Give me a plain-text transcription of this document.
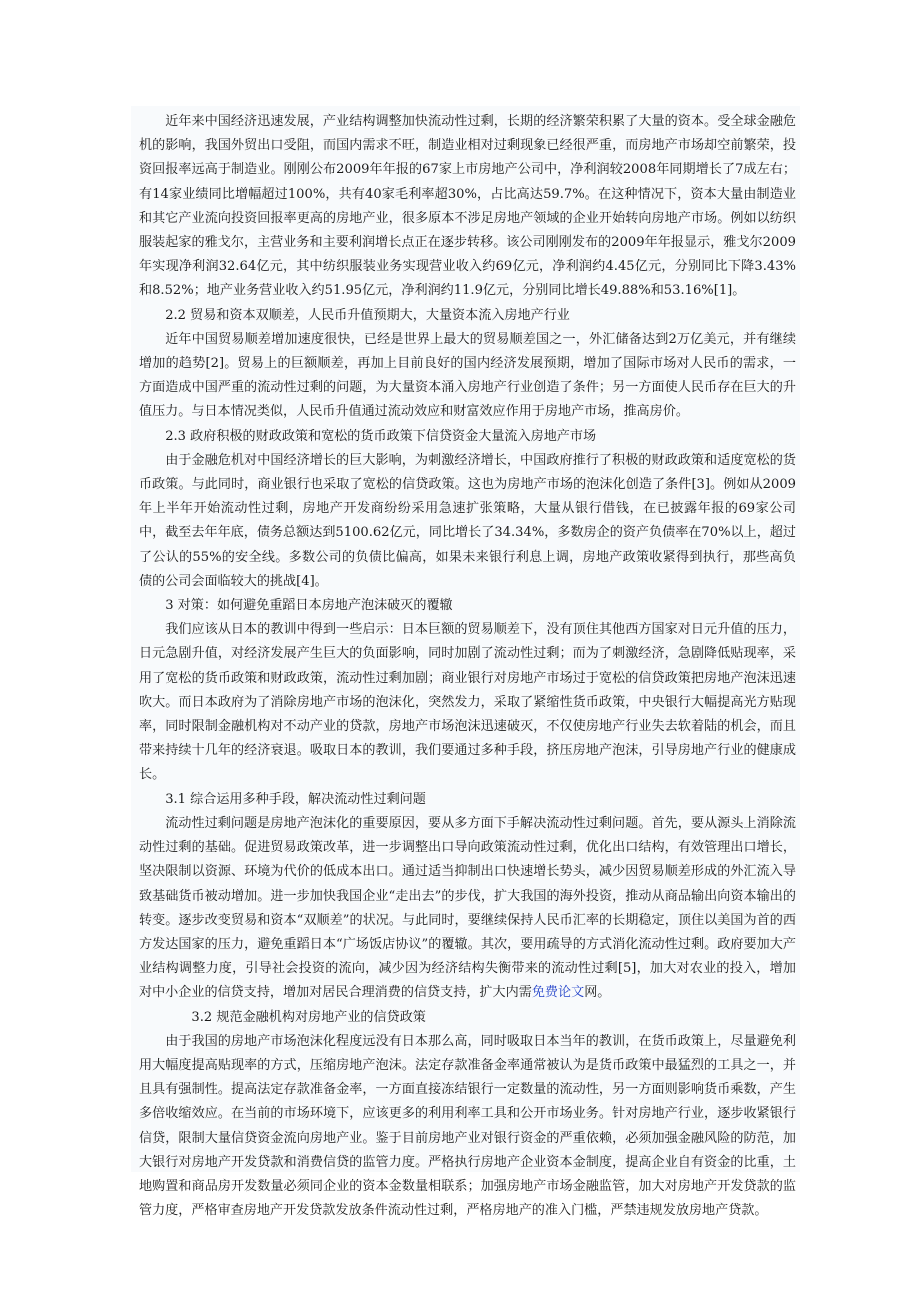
近年来中国经济迅速发展，产业结构调整加快流动性过剩，长期的经济繁荣积累了大量的资本。受全球金融危机的影响，我国外贸出口受阻，而国内需求不旺，制造业相对过剩现象已经很严重，而房地产市场却空前繁荣，投资回报率远高于制造业。刚刚公布2009年年报的67家上市房地产公司中，净利润较2008年同期增长了7成左右；有14家业绩同比增幅超过100%，共有40家毛利率超30%，占比高达59.7%。在这种情况下，资本大量由制造业和其它产业流向投资回报率更高的房地产业，很多原本不涉足房地产领域的企业开始转向房地产市场。例如以纺织服装起家的雅戈尔，主营业务和主要利润增长点正在逐步转移。该公司刚刚发布的2009年年报显示，雅戈尔2009年实现净利润32.64亿元，其中纺织服装业务实现营业收入约69亿元，净利润约4.45亿元，分别同比下降3.43%和8.52%；地产业务营业收入约51.95亿元，净利润约11.9亿元，分别同比增长49.88%和53.16%[1]。

2.2 贸易和资本双顺差，人民币升值预期大，大量资本流入房地产行业

近年中国贸易顺差增加速度很快，已经是世界上最大的贸易顺差国之一，外汇储备达到2万亿美元，并有继续增加的趋势[2]。贸易上的巨额顺差，再加上目前良好的国内经济发展预期，增加了国际市场对人民币的需求，一方面造成中国严重的流动性过剩的问题，为大量资本涌入房地产行业创造了条件；另一方面使人民币存在巨大的升值压力。与日本情况类似，人民币升值通过流动效应和财富效应作用于房地产市场，推高房价。

2.3 政府积极的财政政策和宽松的货币政策下信贷资金大量流入房地产市场

由于金融危机对中国经济增长的巨大影响，为刺激经济增长，中国政府推行了积极的财政政策和适度宽松的货币政策。与此同时，商业银行也采取了宽松的信贷政策。这也为房地产市场的泡沫化创造了条件[3]。例如从2009年上半年开始流动性过剩，房地产开发商纷纷采用急速扩张策略，大量从银行借钱，在已披露年报的69家公司中，截至去年年底，债务总额达到5100.62亿元，同比增长了34.34%，多数房企的资产负债率在70%以上，超过了公认的55%的安全线。多数公司的负债比偏高，如果未来银行利息上调，房地产政策收紧得到执行，那些高负债的公司会面临较大的挑战[4]。

3 对策：如何避免重蹈日本房地产泡沫破灭的覆辙

我们应该从日本的教训中得到一些启示：日本巨额的贸易顺差下，没有顶住其他西方国家对日元升值的压力，日元急剧升值，对经济发展产生巨大的负面影响，同时加剧了流动性过剩；而为了刺激经济，急剧降低贴现率，采用了宽松的货币政策和财政政策，流动性过剩加剧；商业银行对房地产市场过于宽松的信贷政策把房地产泡沫迅速吹大。而日本政府为了消除房地产市场的泡沫化，突然发力，采取了紧缩性货币政策，中央银行大幅提高光方贴现率，同时限制金融机构对不动产业的贷款，房地产市场泡沫迅速破灭，不仅使房地产行业失去软着陆的机会，而且带来持续十几年的经济衰退。吸取日本的教训，我们要通过多种手段，挤压房地产泡沫，引导房地产行业的健康成长。

3.1 综合运用多种手段，解决流动性过剩问题

流动性过剩问题是房地产泡沫化的重要原因，要从多方面下手解决流动性过剩问题。首先，要从源头上消除流动性过剩的基础。促进贸易政策改革，进一步调整出口导向政策流动性过剩，优化出口结构，有效管理出口增长，坚决限制以资源、环境为代价的低成本出口。通过适当抑制出口快速增长势头，减少因贸易顺差形成的外汇流入导致基础货币被动增加。进一步加快我国企业“走出去”的步伐，扩大我国的海外投资，推动从商品输出向资本输出的转变。逐步改变贸易和资本“双顺差”的状况。与此同时，要继续保持人民币汇率的长期稳定，顶住以美国为首的西方发达国家的压力，避免重蹈日本“广场饭店协议”的覆辙。其次，要用疏导的方式消化流动性过剩。政府要加大产业结构调整力度，引导社会投资的流向，减少因为经济结构失衡带来的流动性过剩[5]，加大对农业的投入，增加对中小企业的信贷支持，增加对居民合理消费的信贷支持，扩大内需免费论文网。

3.2 规范金融机构对房地产业的信贷政策

由于我国的房地产市场泡沫化程度远没有日本那么高，同时吸取日本当年的教训，在货币政策上，尽量避免利用大幅度提高贴现率的方式，压缩房地产泡沫。法定存款准备金率通常被认为是货币政策中最猛烈的工具之一，并且具有强制性。提高法定存款准备金率，一方面直接冻结银行一定数量的流动性，另一方面则影响货币乘数，产生多倍收缩效应。在当前的市场环境下，应该更多的利用利率工具和公开市场业务。针对房地产行业，逐步收紧银行信贷，限制大量信贷资金流向房地产业。鉴于目前房地产业对银行资金的严重依赖，必须加强金融风险的防范，加大银行对房地产开发贷款和消费信贷的监管力度。严格执行房地产企业资本金制度，提高企业自有资金的比重，土地购置和商品房开发数量必须同企业的资本金数量相联系；加强房地产市场金融监管，加大对房地产开发贷款的监管力度，严格审查房地产开发贷款发放条件流动性过剩，严格房地产的准入门槛，严禁违规发放房地产贷款。
